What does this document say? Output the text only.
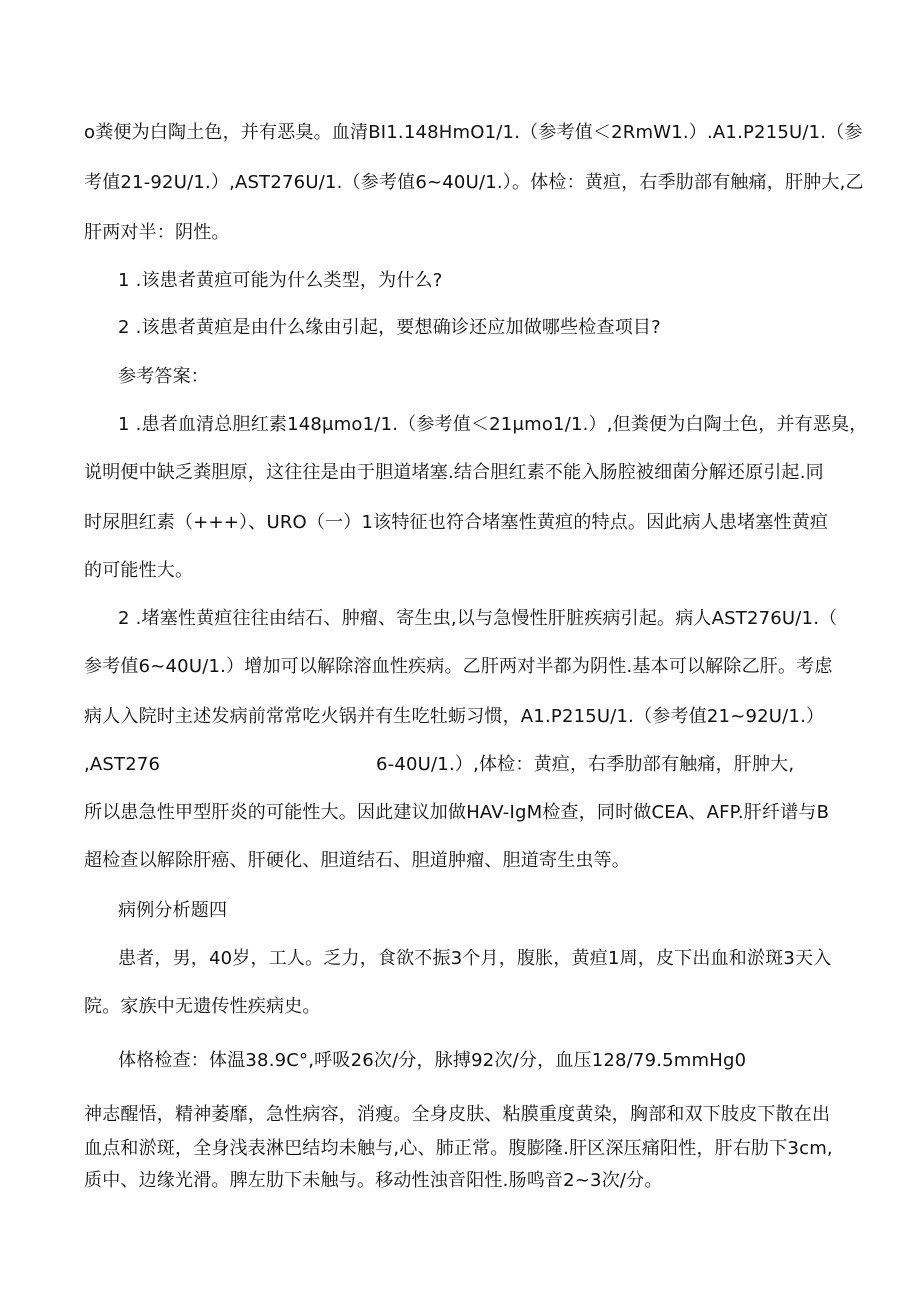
o粪便为白陶土色，并有恶臭。血清BI1.148HmO1/1.（参考值＜2RmW1.）.A1.P215U/1.（参
考值21-92U/1.）,AST276U/1.（参考值6~40U/1.）。体检：黄疸，右季肋部有触痛，肝肿大,乙
肝两对半：阴性。
1 .该患者黄疸可能为什么类型，为什么?
2 .该患者黄疸是由什么缘由引起，要想确诊还应加做哪些检查项目?
参考答案：
1 .患者血清总胆红素148μmo1/1.（参考值＜21μmo1/1.）,但粪便为白陶土色，并有恶臭，
说明便中缺乏粪胆原，这往往是由于胆道堵塞.结合胆红素不能入肠腔被细菌分解还原引起.同
时尿胆红素（+++）、URO（一）1该特征也符合堵塞性黄疸的特点。因此病人患堵塞性黄疸
的可能性大。
2 .堵塞性黄疸往往由结石、肿瘤、寄生虫,以与急慢性肝脏疾病引起。病人AST276U/1.（
参考值6~40U/1.）增加可以解除溶血性疾病。乙肝两对半都为阴性.基本可以解除乙肝。考虑
病人入院时主述发病前常常吃火锅并有生吃牡蛎习惯，A1.P215U/1.（参考值21~92U/1.）
,AST276	6-40U/1.）,体检：黄疸，右季肋部有触痛，肝肿大,
所以患急性甲型肝炎的可能性大。因此建议加做HAV-IgM检查，同时做CEA、AFP.肝纤谱与B
超检查以解除肝癌、肝硬化、胆道结石、胆道肿瘤、胆道寄生虫等。
病例分析题四
患者，男，40岁，工人。乏力，食欲不振3个月，腹胀，黄疸1周，皮下出血和淤斑3天入
院。家族中无遗传性疾病史。
体格检查：体温38.9C°,呼吸26次/分，脉搏92次/分，血压128/79.5mmHg0
神志醒悟，精神萎靡，急性病容，消瘦。全身皮肤、粘膜重度黄染，胸部和双下肢皮下散在出
血点和淤斑，全身浅表淋巴结均未触与,心、肺正常。腹膨隆.肝区深压痛阳性，肝右肋下3cm,
质中、边缘光滑。脾左肋下未触与。移动性浊音阳性.肠鸣音2~3次/分。
